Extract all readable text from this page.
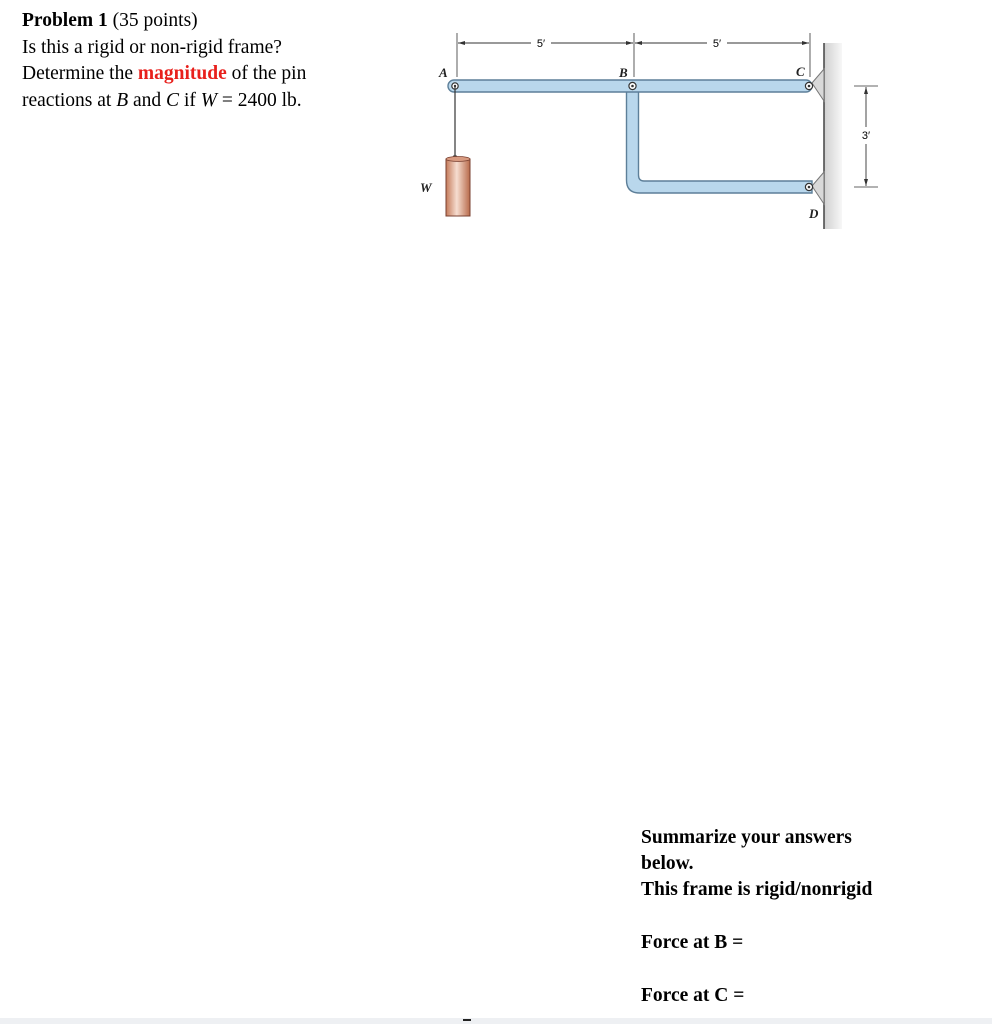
Problem 1 (35 points)

Is this a rigid or non-rigid frame?

Determine the magnitude of the pin

reactions at B and C if W = 2400 lb.

5′	5′
3′
A	B	C
D
W

Summarize your answers

below.

This frame is rigid/nonrigid

Force at B =

Force at C =
